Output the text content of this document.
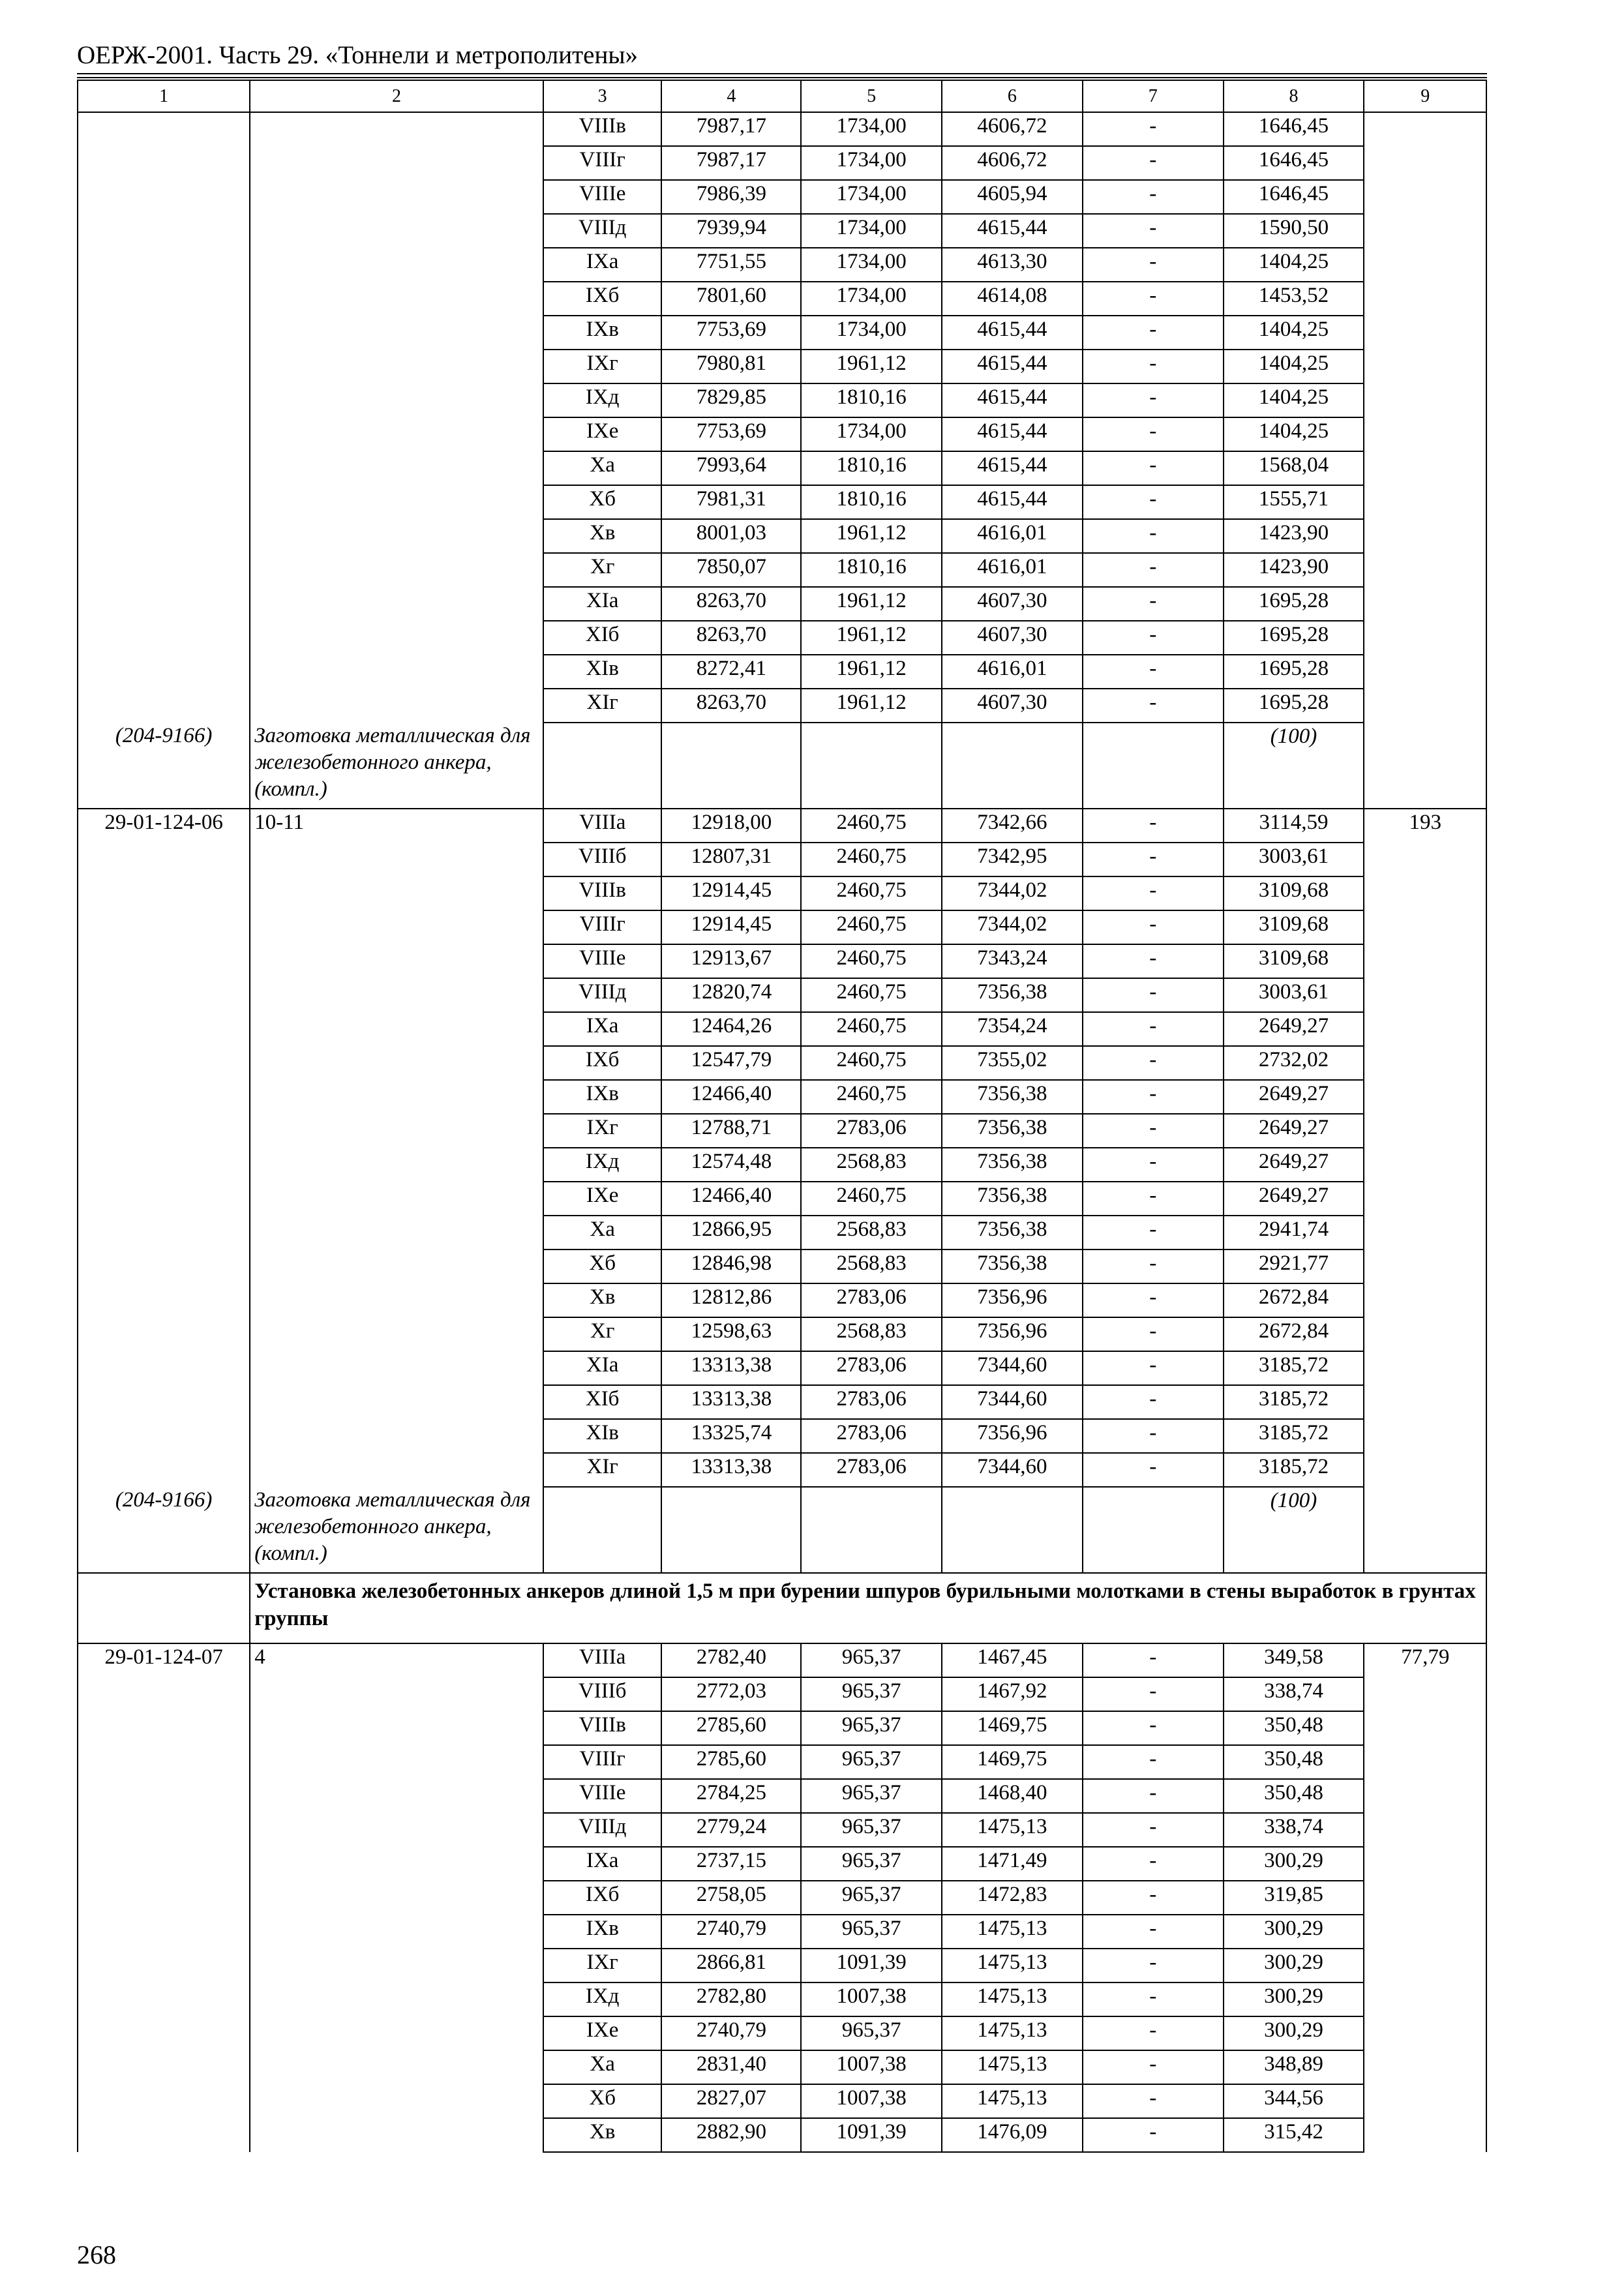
ОЕРЖ-2001. Часть 29. «Тоннели и метрополитены»
1	2	3	4	5	6	7	8	9
		VIIIв	7987,17	1734,00	4606,72	-	1646,45	
		VIIIг	7987,17	1734,00	4606,72	-	1646,45	
		VIIIе	7986,39	1734,00	4605,94	-	1646,45	
		VIIIд	7939,94	1734,00	4615,44	-	1590,50	
		IXа	7751,55	1734,00	4613,30	-	1404,25	
		IXб	7801,60	1734,00	4614,08	-	1453,52	
		IXв	7753,69	1734,00	4615,44	-	1404,25	
		IXг	7980,81	1961,12	4615,44	-	1404,25	
		IXд	7829,85	1810,16	4615,44	-	1404,25	
		IXе	7753,69	1734,00	4615,44	-	1404,25	
		Xа	7993,64	1810,16	4615,44	-	1568,04	
		Xб	7981,31	1810,16	4615,44	-	1555,71	
		Xв	8001,03	1961,12	4616,01	-	1423,90	
		Xг	7850,07	1810,16	4616,01	-	1423,90	
		XIа	8263,70	1961,12	4607,30	-	1695,28	
		XIб	8263,70	1961,12	4607,30	-	1695,28	
		XIв	8272,41	1961,12	4616,01	-	1695,28	
		XIг	8263,70	1961,12	4607,30	-	1695,28	
(204-9166)	Заготовка металлическая для железобетонного анкера, (компл.)						(100)	
29-01-124-06	10-11	VIIIа	12918,00	2460,75	7342,66	-	3114,59	193
		VIIIб	12807,31	2460,75	7342,95	-	3003,61	
		VIIIв	12914,45	2460,75	7344,02	-	3109,68	
		VIIIг	12914,45	2460,75	7344,02	-	3109,68	
		VIIIе	12913,67	2460,75	7343,24	-	3109,68	
		VIIIд	12820,74	2460,75	7356,38	-	3003,61	
		IXа	12464,26	2460,75	7354,24	-	2649,27	
		IXб	12547,79	2460,75	7355,02	-	2732,02	
		IXв	12466,40	2460,75	7356,38	-	2649,27	
		IXг	12788,71	2783,06	7356,38	-	2649,27	
		IXд	12574,48	2568,83	7356,38	-	2649,27	
		IXе	12466,40	2460,75	7356,38	-	2649,27	
		Xа	12866,95	2568,83	7356,38	-	2941,74	
		Xб	12846,98	2568,83	7356,38	-	2921,77	
		Xв	12812,86	2783,06	7356,96	-	2672,84	
		Xг	12598,63	2568,83	7356,96	-	2672,84	
		XIа	13313,38	2783,06	7344,60	-	3185,72	
		XIб	13313,38	2783,06	7344,60	-	3185,72	
		XIв	13325,74	2783,06	7356,96	-	3185,72	
		XIг	13313,38	2783,06	7344,60	-	3185,72	
(204-9166)	Заготовка металлическая для железобетонного анкера, (компл.)						(100)	
	Установка железобетонных анкеров длиной 1,5 м при бурении шпуров бурильными молотками в стены выработок в грунтах группы							
29-01-124-07	4	VIIIа	2782,40	965,37	1467,45	-	349,58	77,79
		VIIIб	2772,03	965,37	1467,92	-	338,74	
		VIIIв	2785,60	965,37	1469,75	-	350,48	
		VIIIг	2785,60	965,37	1469,75	-	350,48	
		VIIIе	2784,25	965,37	1468,40	-	350,48	
		VIIIд	2779,24	965,37	1475,13	-	338,74	
		IXа	2737,15	965,37	1471,49	-	300,29	
		IXб	2758,05	965,37	1472,83	-	319,85	
		IXв	2740,79	965,37	1475,13	-	300,29	
		IXг	2866,81	1091,39	1475,13	-	300,29	
		IXд	2782,80	1007,38	1475,13	-	300,29	
		IXе	2740,79	965,37	1475,13	-	300,29	
		Xа	2831,40	1007,38	1475,13	-	348,89	
		Xб	2827,07	1007,38	1475,13	-	344,56	
		Xв	2882,90	1091,39	1476,09	-	315,42	
268
